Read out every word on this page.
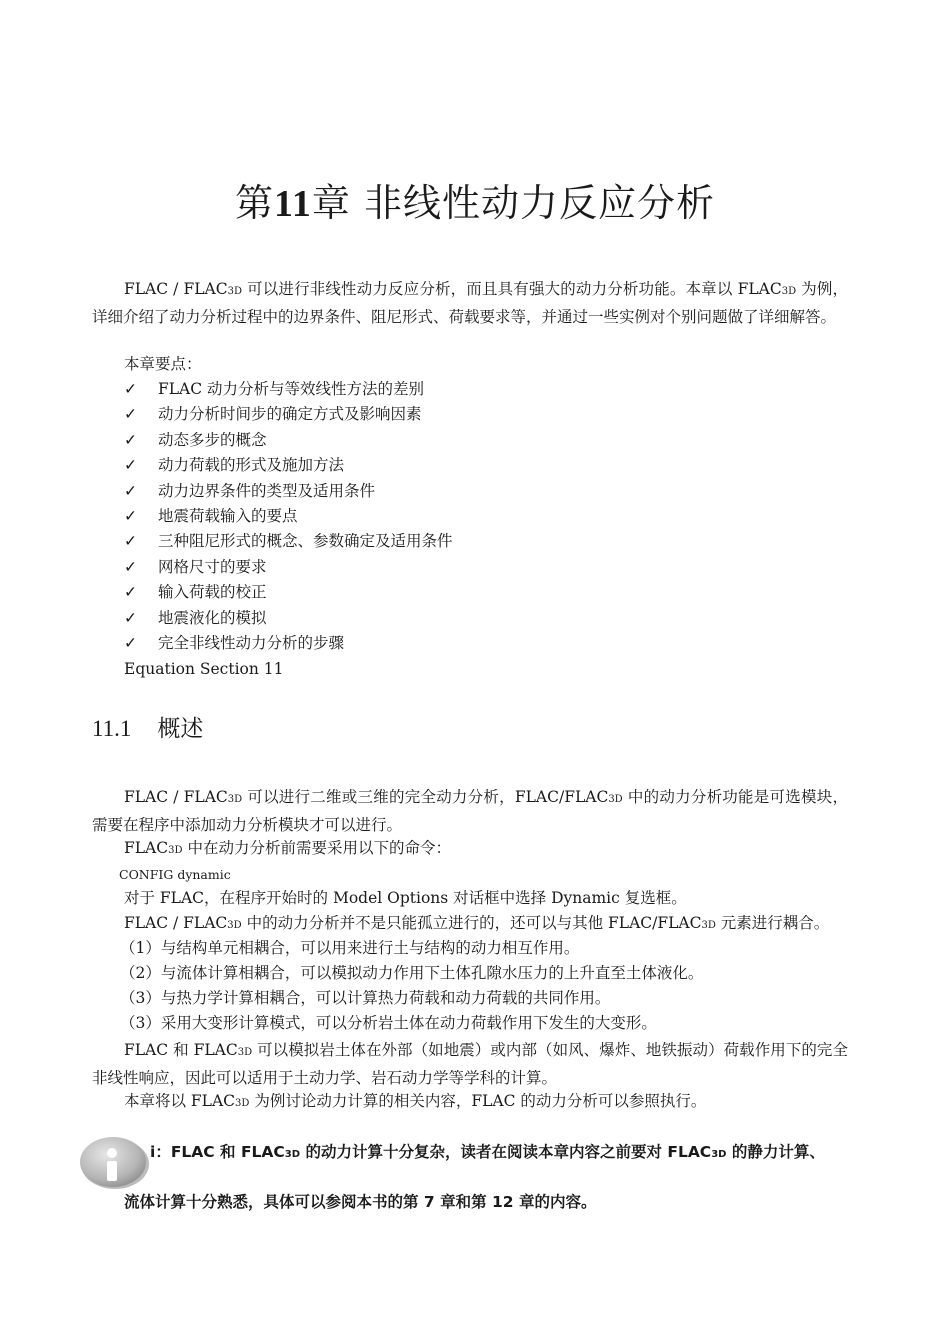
第11章 非线性动力反应分析

FLAC / FLAC3D 可以进行非线性动力反应分析，而且具有强大的动力分析功能。本章以 FLAC3D 为例，详细介绍了动力分析过程中的边界条件、阻尼形式、荷载要求等，并通过一些实例对个别问题做了详细解答。

本章要点：
✓ FLAC 动力分析与等效线性方法的差别
✓ 动力分析时间步的确定方式及影响因素
✓ 动态多步的概念
✓ 动力荷载的形式及施加方法
✓ 动力边界条件的类型及适用条件
✓ 地震荷载输入的要点
✓ 三种阻尼形式的概念、参数确定及适用条件
✓ 网格尺寸的要求
✓ 输入荷载的校正
✓ 地震液化的模拟
✓ 完全非线性动力分析的步骤
Equation Section 11
11.1 概述

FLAC / FLAC3D 可以进行二维或三维的完全动力分析，FLAC/FLAC3D 中的动力分析功能是可选模块，需要在程序中添加动力分析模块才可以进行。

FLAC3D 中在动力分析前需要采用以下的命令：
CONFIG dynamic
对于 FLAC，在程序开始时的 Model Options 对话框中选择 Dynamic 复选框。
FLAC / FLAC3D 中的动力分析并不是只能孤立进行的，还可以与其他 FLAC/FLAC3D 元素进行耦合。
（1）与结构单元相耦合，可以用来进行土与结构的动力相互作用。
（2）与流体计算相耦合，可以模拟动力作用下土体孔隙水压力的上升直至土体液化。
（3）与热力学计算相耦合，可以计算热力荷载和动力荷载的共同作用。
（3）采用大变形计算模式，可以分析岩土体在动力荷载作用下发生的大变形。

FLAC 和 FLAC3D 可以模拟岩土体在外部（如地震）或内部（如风、爆炸、地铁振动）荷载作用下的完全非线性响应，因此可以适用于土动力学、岩石动力学等学科的计算。

本章将以 FLAC3D 为例讨论动力计算的相关内容，FLAC 的动力分析可以参照执行。
i：FLAC 和 FLAC3D 的动力计算十分复杂，读者在阅读本章内容之前要对 FLAC3D 的静力计算、
流体计算十分熟悉，具体可以参阅本书的第 7 章和第 12 章的内容。
